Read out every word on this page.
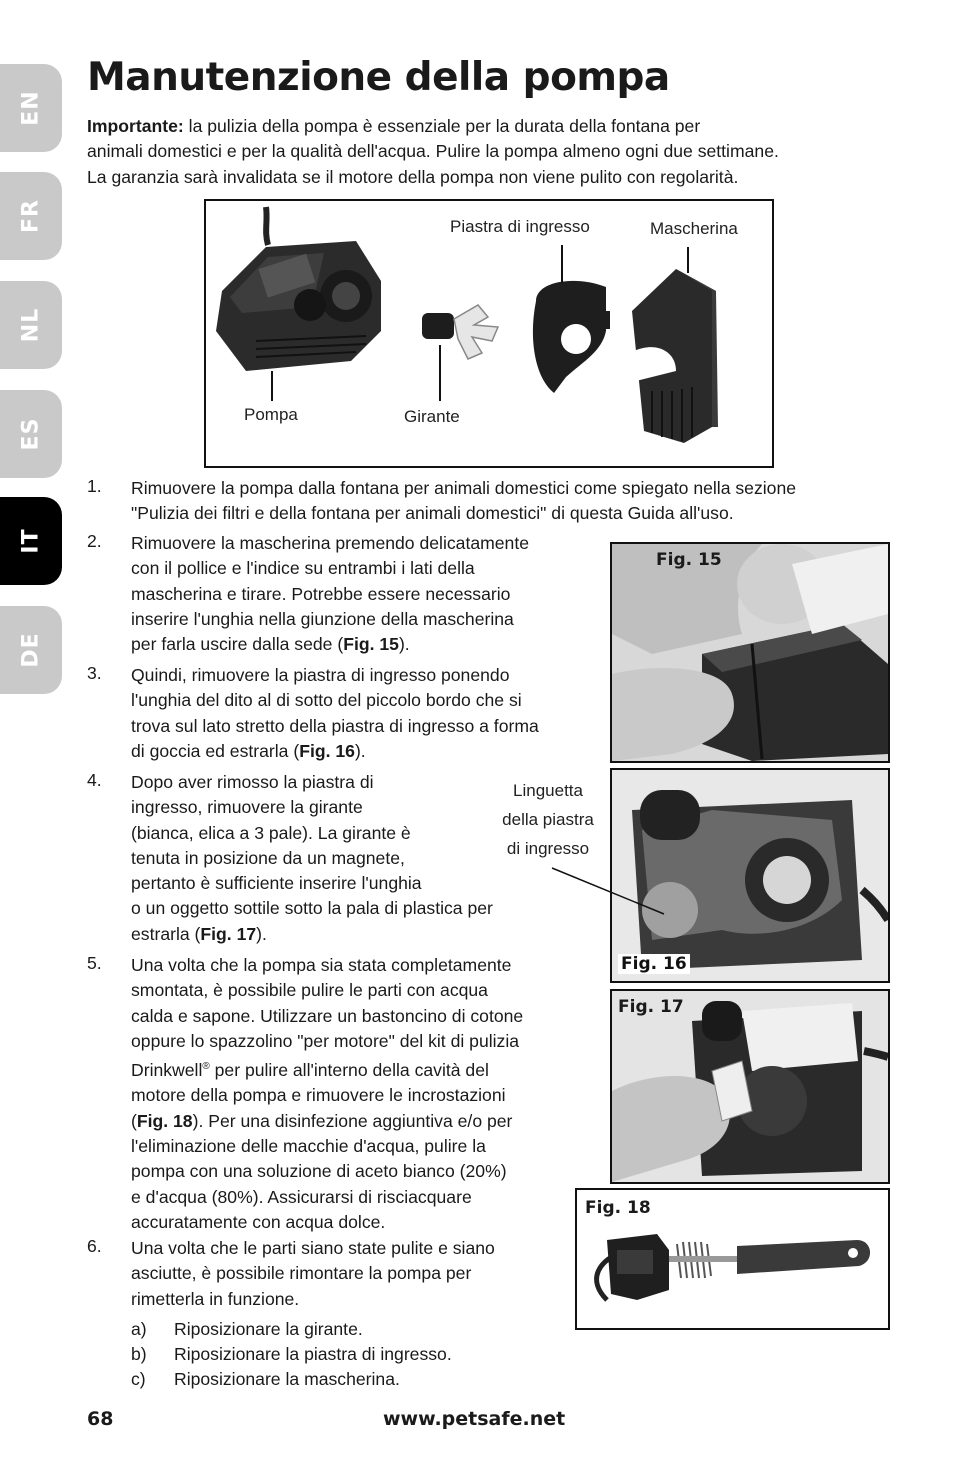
EN
FR
NL
ES
IT
DE
Manutenzione della pompa
Importante: la pulizia della pompa è essenziale per la durata della fontana per
animali domestici e per la qualità dell'acqua. Pulire la pompa almeno ogni due settimane.
La garanzia sarà invalidata se il motore della pompa non viene pulito con regolarità.
Piastra di ingresso	Mascherina
Pompa	Girante
1. Rimuovere la pompa dalla fontana per animali domestici come spiegato nella sezione
"Pulizia dei filtri e della fontana per animali domestici" di questa Guida all'uso.
2. Rimuovere la mascherina premendo delicatamente
con il pollice e l'indice su entrambi i lati della
mascherina e tirare. Potrebbe essere necessario
inserire l'unghia nella giunzione della mascherina
per farla uscire dalla sede (Fig. 15).
3. Quindi, rimuovere la piastra di ingresso ponendo
l'unghia del dito al di sotto del piccolo bordo che si
trova sul lato stretto della piastra di ingresso a forma
di goccia ed estrarla (Fig. 16).
4. Dopo aver rimosso la piastra di
ingresso, rimuovere la girante
(bianca, elica a 3 pale). La girante è
tenuta in posizione da un magnete,
pertanto è sufficiente inserire l'unghia
o un oggetto sottile sotto la pala di plastica per
estrarla (Fig. 17).
Linguetta
della piastra
di ingresso
5. Una volta che la pompa sia stata completamente
smontata, è possibile pulire le parti con acqua
calda e sapone. Utilizzare un bastoncino di cotone
oppure lo spazzolino "per motore" del kit di pulizia
Drinkwell® per pulire all'interno della cavità del
motore della pompa e rimuovere le incrostazioni
(Fig. 18). Per una disinfezione aggiuntiva e/o per
l'eliminazione delle macchie d'acqua, pulire la
pompa con una soluzione di aceto bianco (20%)
e d'acqua (80%). Assicurarsi di risciacquare
accuratamente con acqua dolce.
6. Una volta che le parti siano state pulite e siano
asciutte, è possibile rimontare la pompa per
rimetterla in funzione.
a) Riposizionare la girante.
b) Riposizionare la piastra di ingresso.
c) Riposizionare la mascherina.
Fig. 15
Fig. 16
Fig. 17
Fig. 18
68	www.petsafe.net
